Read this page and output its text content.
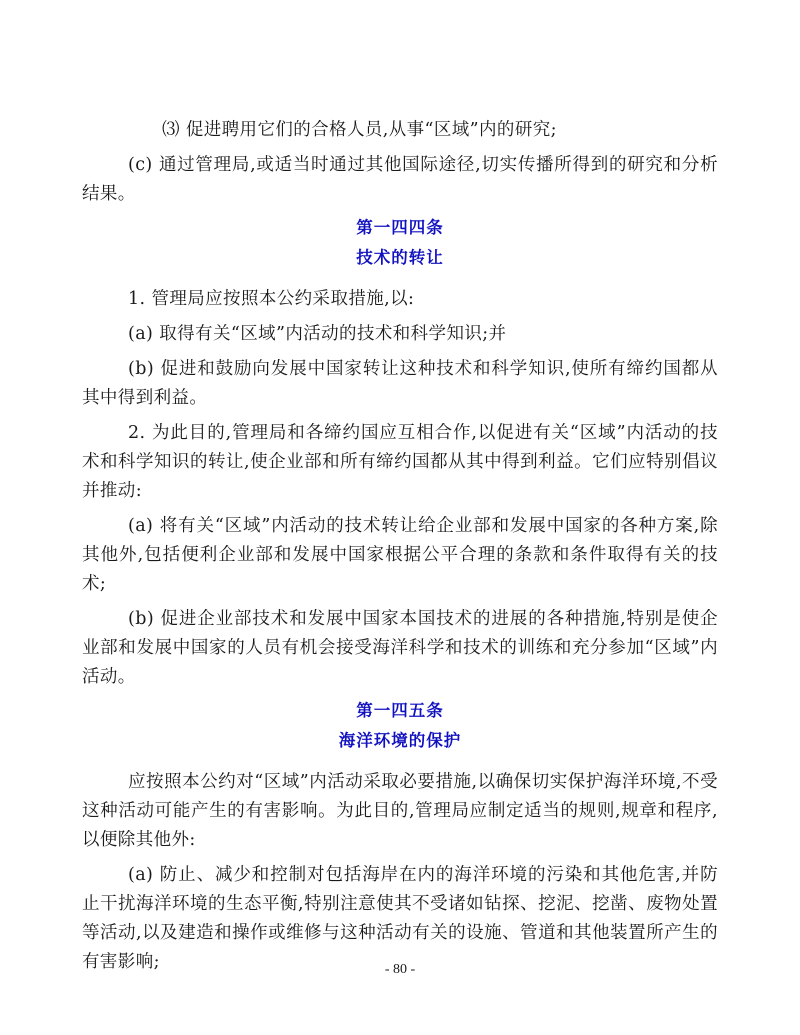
⑶ 促进聘用它们的合格人员,从事“区域”内的研究;

(c) 通过管理局,或适当时通过其他国际途径,切实传播所得到的研究和分析结果。

第一四四条

技术的转让

1. 管理局应按照本公约采取措施,以:

(a) 取得有关“区域”内活动的技术和科学知识;并

(b) 促进和鼓励向发展中国家转让这种技术和科学知识,使所有缔约国都从其中得到利益。

2. 为此目的,管理局和各缔约国应互相合作,以促进有关“区域”内活动的技术和科学知识的转让,使企业部和所有缔约国都从其中得到利益。它们应特别倡议并推动:

(a) 将有关“区域”内活动的技术转让给企业部和发展中国家的各种方案,除其他外,包括便利企业部和发展中国家根据公平合理的条款和条件取得有关的技术;

(b) 促进企业部技术和发展中国家本国技术的进展的各种措施,特别是使企业部和发展中国家的人员有机会接受海洋科学和技术的训练和充分参加“区域”内活动。

第一四五条

海洋环境的保护

应按照本公约对“区域”内活动采取必要措施,以确保切实保护海洋环境,不受这种活动可能产生的有害影响。为此目的,管理局应制定适当的规则,规章和程序,以便除其他外:

(a) 防止、减少和控制对包括海岸在内的海洋环境的污染和其他危害,并防止干扰海洋环境的生态平衡,特别注意使其不受诸如钻探、挖泥、挖凿、废物处置等活动,以及建造和操作或维修与这种活动有关的设施、管道和其他装置所产生的有害影响;	- 80 -
